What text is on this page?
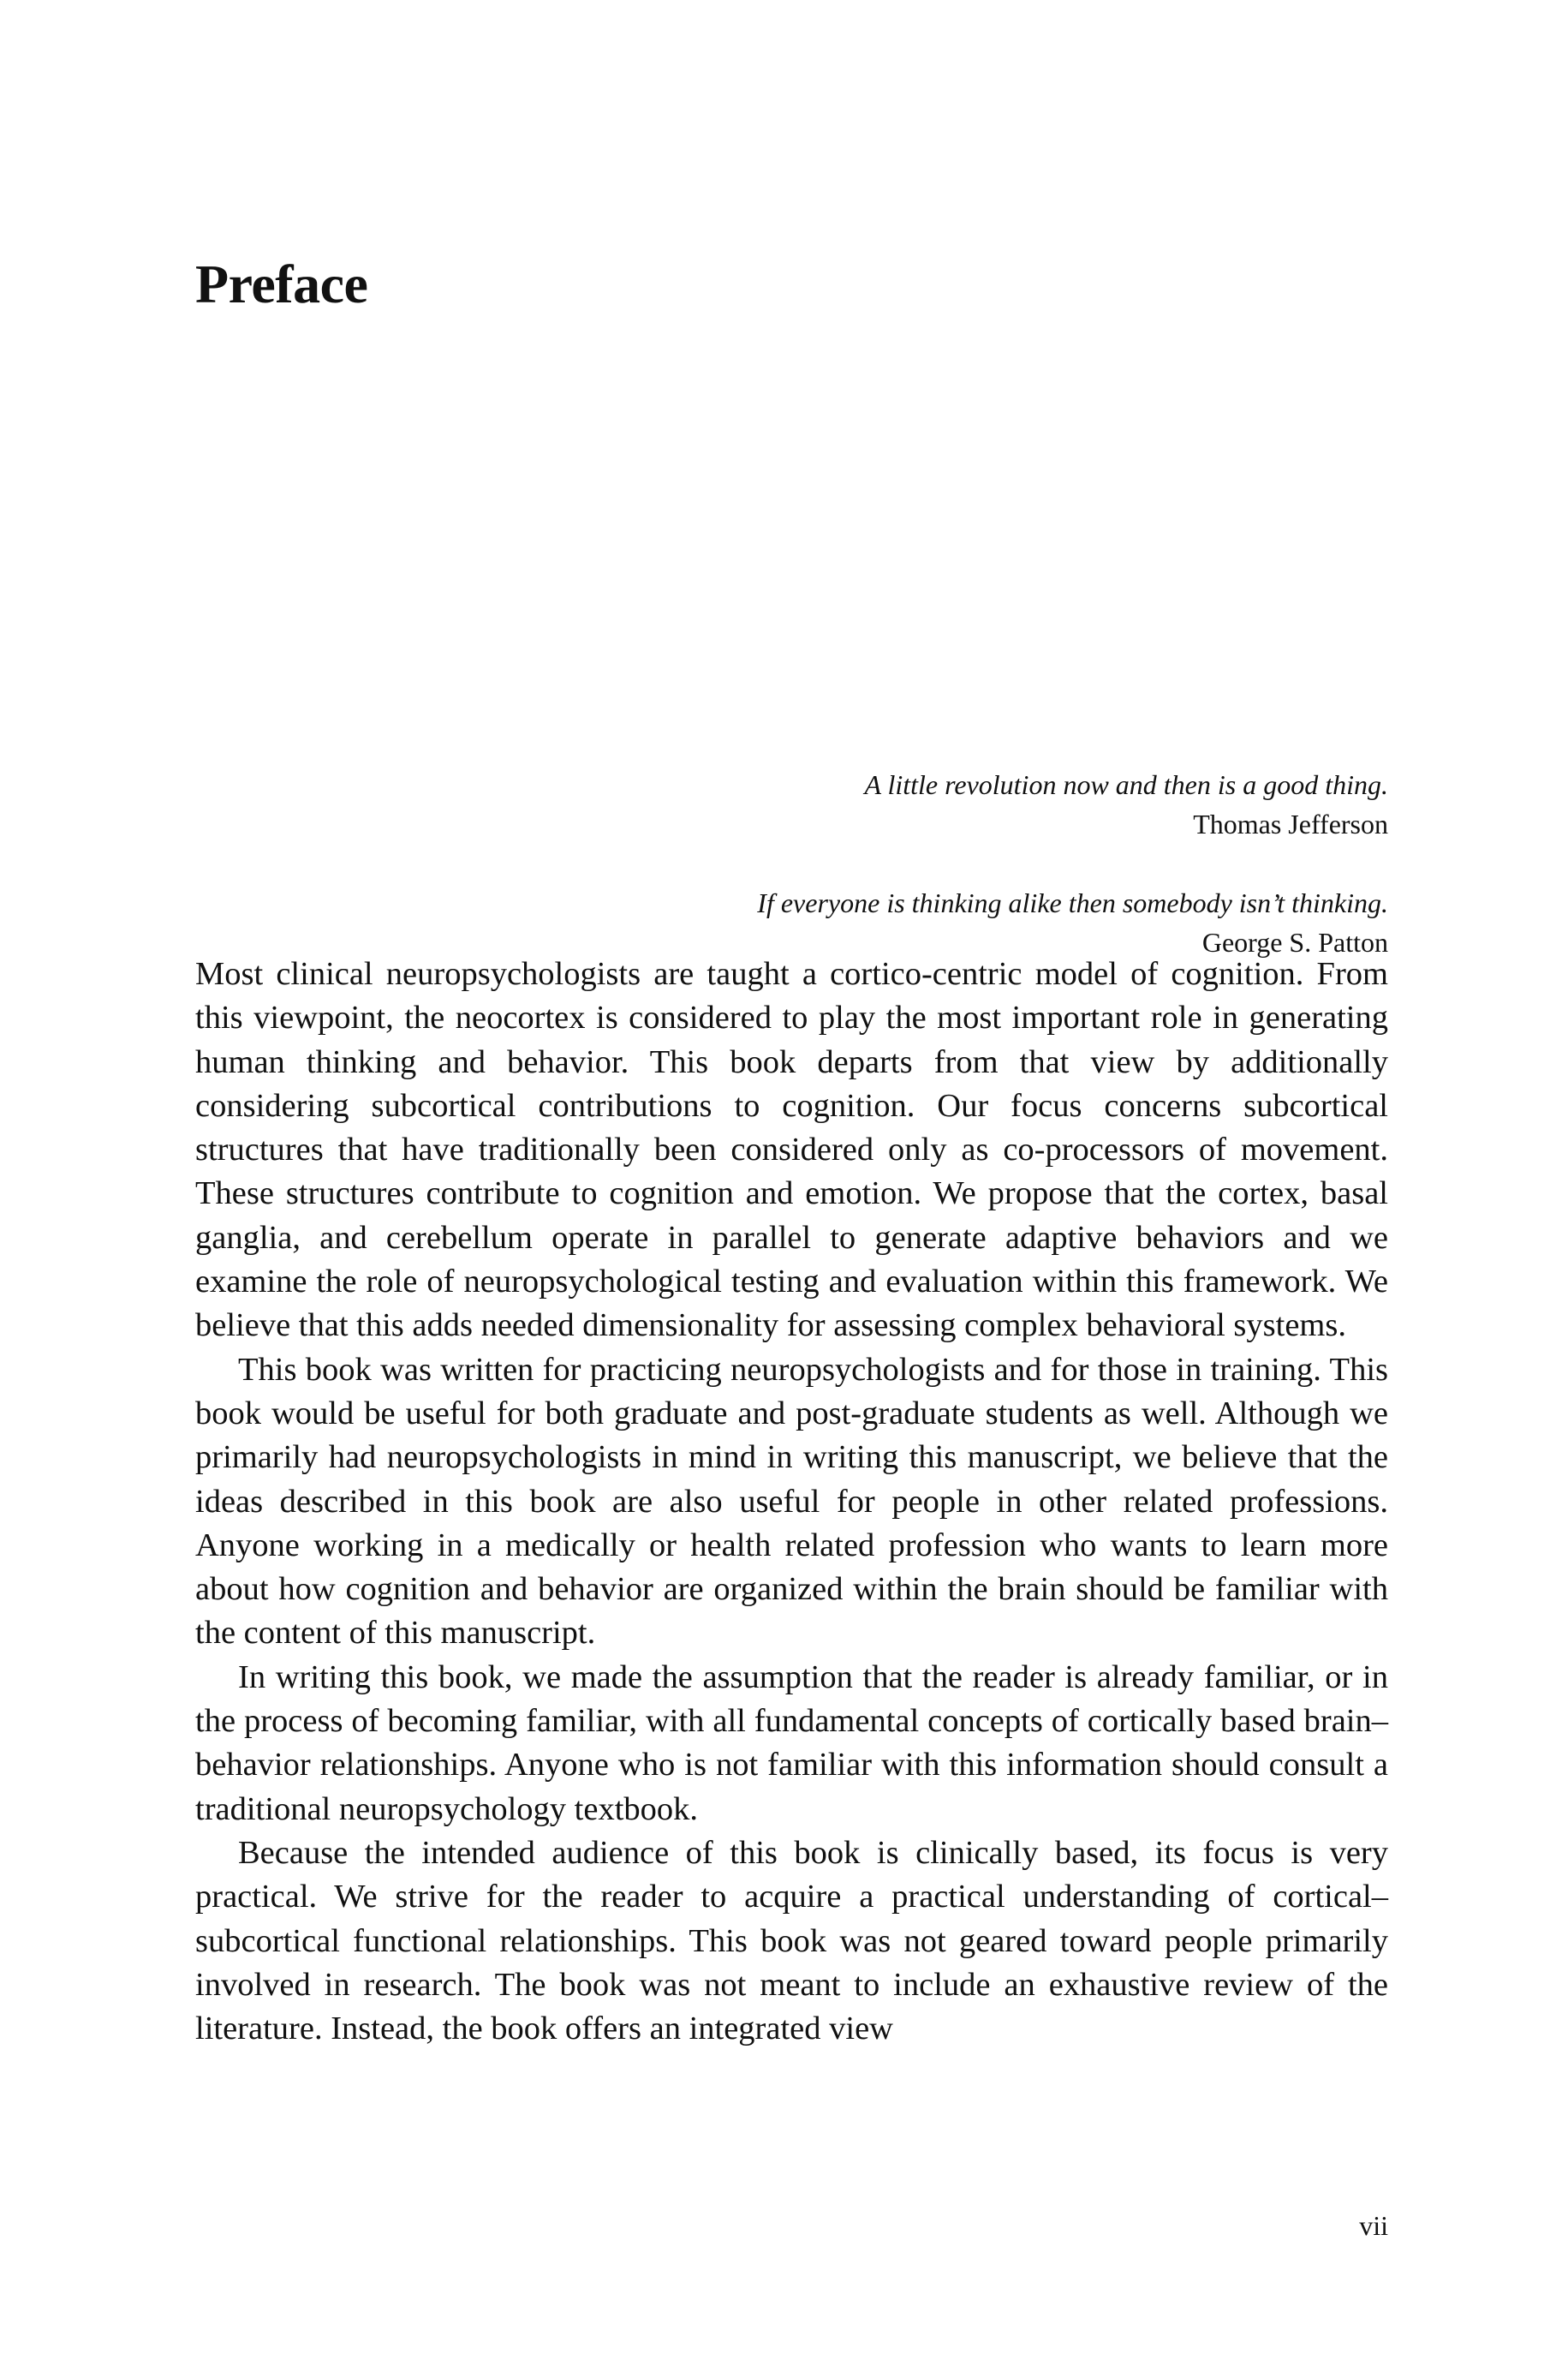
Preface
A little revolution now and then is a good thing.
Thomas Jefferson
If everyone is thinking alike then somebody isn’t thinking.
George S. Patton

Most clinical neuropsychologists are taught a cortico-centric model of cognition. From this viewpoint, the neocortex is considered to play the most important role in generating human thinking and behavior. This book departs from that view by additionally considering subcortical contributions to cognition. Our focus concerns subcortical structures that have traditionally been considered only as co-processors of movement. These structures contribute to cognition and emotion. We propose that the cortex, basal ganglia, and cerebellum operate in parallel to generate adaptive behaviors and we examine the role of neuropsychological testing and evaluation within this framework. We believe that this adds needed dimensionality for assessing complex behavioral systems.

This book was written for practicing neuropsychologists and for those in training. This book would be useful for both graduate and post-graduate students as well. Although we primarily had neuropsychologists in mind in writing this manuscript, we believe that the ideas described in this book are also useful for people in other related professions. Anyone working in a medically or health related profession who wants to learn more about how cognition and behavior are organized within the brain should be familiar with the content of this manuscript.

In writing this book, we made the assumption that the reader is already familiar, or in the process of becoming familiar, with all fundamental concepts of cortically based brain–behavior relationships. Anyone who is not familiar with this information should consult a traditional neuropsychology textbook.

Because the intended audience of this book is clinically based, its focus is very practical. We strive for the reader to acquire a practical understanding of cortical–subcortical functional relationships. This book was not geared toward people primarily involved in research. The book was not meant to include an exhaustive review of the literature. Instead, the book offers an integrated view

vii
